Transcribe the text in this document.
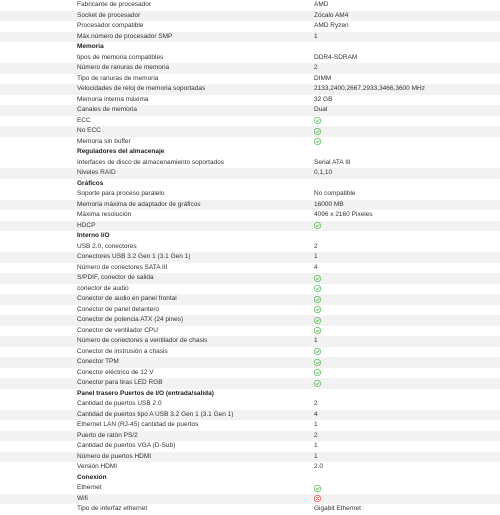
Fabricante de procesador	AMD
Socket de procesador	Zócalo AM4
Procesador compatible	AMD Ryzen
Máx.número de procesador SMP	1
Memoria
tipos de memoria compatibles	DDR4-SDRAM
Número de ranuras de memoria	2
Tipo de ranuras de memoria	DIMM
Velocidades de reloj de memoria soportadas	2133,2400,2667,2933,3466,3600 MHz
Memoria interna máxima	32 GB
Canales de memoria	Dual
ECC
No ECC
Memoria sin buffer
Reguladores del almacenaje
Interfaces de disco de almacenamiento soportados	Serial ATA III
Niveles RAID	0,1,10
Gráficos
Soporte para proceso paralelo	No compatible
Memoria máxima de adaptador de gráficos	16000 MB
Máxima resolución	4096 x 2160 Pixeles
HDCP
Interno I/O
USB 2.0, conectores	2
Conectores USB 3.2 Gen 1 (3.1 Gen 1)	1
Número de conectores SATA III	4
S/PDIF, conector de salida
conector de audio
Conector de audio en panel frontal
Conector de panel delantero
Conector de potencia ATX (24 pines)
Conector de ventilador CPU
Número de conectores a ventilador de chasis	1
Conector de instrusión a chasis
Conector TPM
Conector eléctrico de 12 V
Conector para tiras LED RGB
Panel trasero Puertos de I/O (entrada/salida)
Cantidad de puertos USB 2.0	2
Cantidad de puertos tipo A USB 3.2 Gen 1 (3.1 Gen 1)	4
Ethernet LAN (RJ-45) cantidad de puertos	1
Puerto de ratón PS/2	2
Cantidad de puertos VGA (D-Sub)	1
Número de puertos HDMI	1
Versión HDMI	2.0
Conexión
Ethernet
Wifi
Tipo de interfaz ethernet	Gigabit Ethernet
